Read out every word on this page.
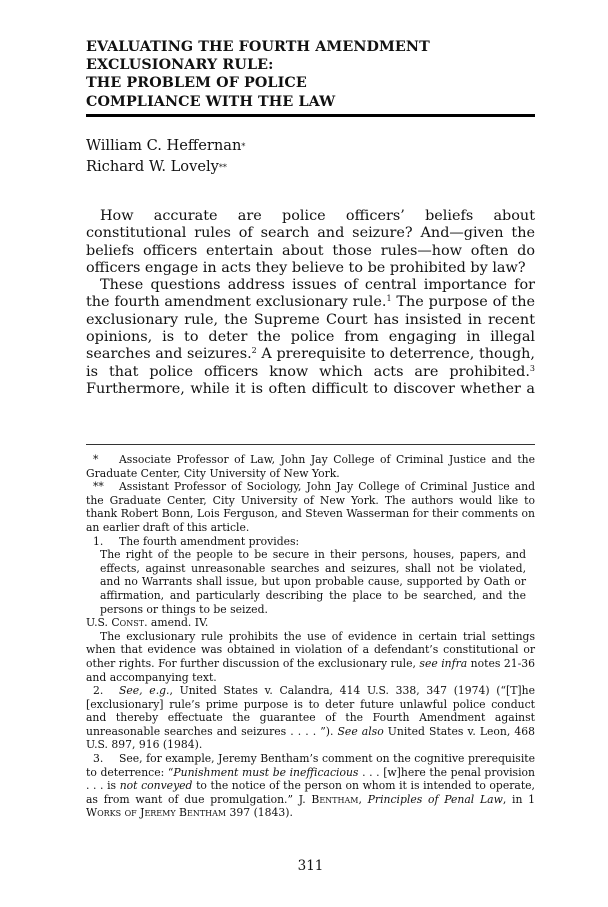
EVALUATING THE FOURTH AMENDMENT
EXCLUSIONARY RULE:
THE PROBLEM OF POLICE
COMPLIANCE WITH THE LAW
William C. Heffernan*
Richard W. Lovely**

How accurate are police officers’ beliefs about constitutional rules of search and seizure? And—given the beliefs officers entertain about those rules—how often do officers engage in acts they believe to be prohibited by law?

These questions address issues of central importance for the fourth amendment exclusionary rule.$^1$ The purpose of the exclusionary rule, the Supreme Court has insisted in recent opinions, is to deter the police from engaging in illegal searches and seizures.$^2$ A prerequisite to deterrence, though, is that police officers know which acts are prohibited.$^3$ Furthermore, while it is often difficult to discover whether a

* Associate Professor of Law, John Jay College of Criminal Justice and the Graduate Center, City University of New York.

** Assistant Professor of Sociology, John Jay College of Criminal Justice and the Graduate Center, City University of New York. The authors would like to thank Robert Bonn, Lois Ferguson, and Steven Wasserman for their comments on an earlier draft of this article.

1. The fourth amendment provides:

The right of the people to be secure in their persons, houses, papers, and effects, against unreasonable searches and seizures, shall not be violated, and no Warrants shall issue, but upon probable cause, supported by Oath or affirmation, and particularly describing the place to be searched, and the persons or things to be seized.

U.S. Const. amend. IV.

The exclusionary rule prohibits the use of evidence in certain trial settings when that evidence was obtained in violation of a defendant’s constitutional or other rights. For further discussion of the exclusionary rule, see infra notes 21-36 and accompanying text.

2. See, e.g., United States v. Calandra, 414 U.S. 338, 347 (1974) (“[T]he [exclusionary] rule’s prime purpose is to deter future unlawful police conduct and thereby effectuate the guarantee of the Fourth Amendment against unreasonable searches and seizures . . . . ”). See also United States v. Leon, 468 U.S. 897, 916 (1984).

3. See, for example, Jeremy Bentham’s comment on the cognitive prerequisite to deterrence: “Punishment must be inefficacious . . . [w]here the penal provision . . . is not conveyed to the notice of the person on whom it is intended to operate, as from want of due promulgation.” J. Bentham, Principles of Penal Law, in 1 Works of Jeremy Bentham 397 (1843).

311
